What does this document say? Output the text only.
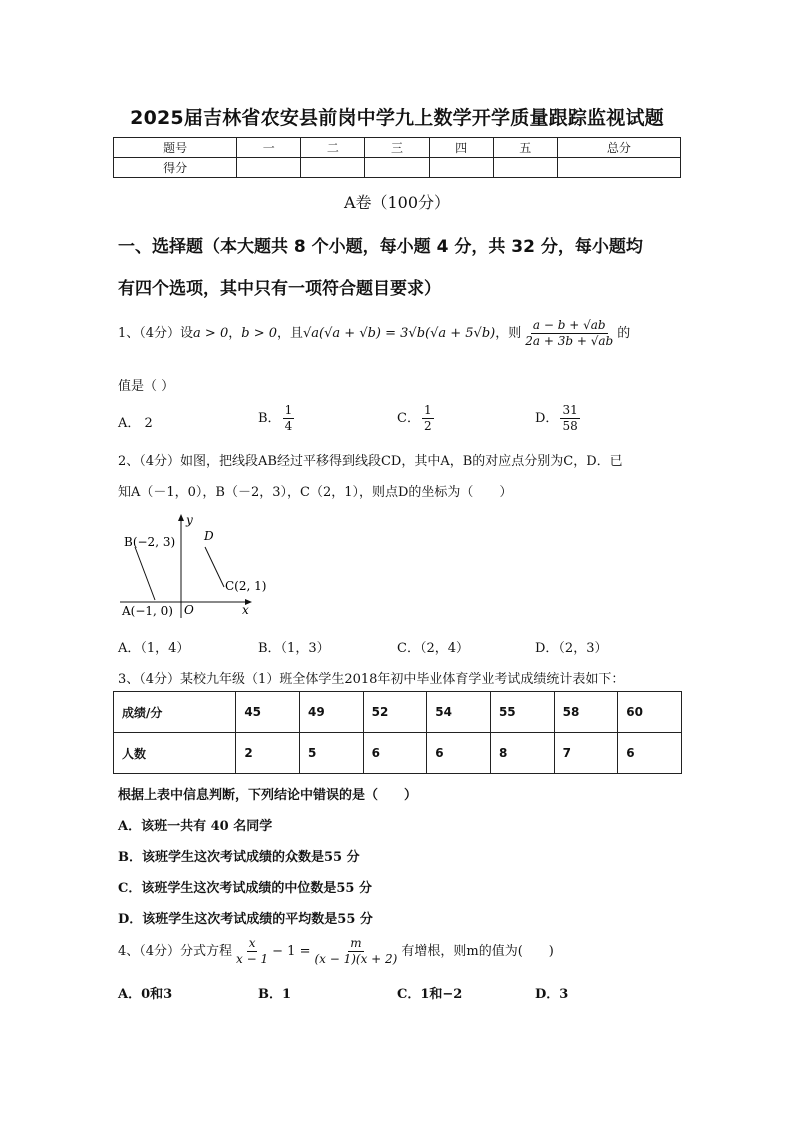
2025届吉林省农安县前岗中学九上数学开学质量跟踪监视试题
题号	一	二	三	四	五	总分
得分						
A卷（100分）
一、选择题（本大题共 8 个小题，每小题 4 分，共 32 分，每小题均
有四个选项，其中只有一项符合题目要求）
1、（4分）设a > 0，b > 0，且√a(√a + √b) = 3√b(√a + 5√b)，则 $\frac{a - b + √ab}{2a + 3b + √ab}$ 的
值是（ ）
A． 2	B． $\frac{1}{4}$	C． $\frac{1}{2}$	D． $\frac{31}{58}$
2、（4分）如图，把线段AB经过平移得到线段CD，其中A，B的对应点分别为C，D．已
知A（－1，0），B（－2，3），C（2，1），则点D的坐标为（　　）
B(−2, 3) D
C(2, 1)
A(−1, 0) O	x
y
A．（1，4）	B．（1，3）	C．（2，4）	D．（2，3）
3、（4分）某校九年级（1）班全体学生2018年初中毕业体育学业考试成绩统计表如下：
成绩/分	45	49	52	54	55	58	60
人数	2	5	6	6	8	7	6
根据上表中信息判断，下列结论中错误的是（　　）
A．该班一共有 40 名同学
B．该班学生这次考试成绩的众数是55 分
C．该班学生这次考试成绩的中位数是55 分
D．该班学生这次考试成绩的平均数是55 分
4、（4分）分式方程 $\frac{x}{x - 1} - 1 = \frac{m}{(x - 1)(x + 2)}$ 有增根，则m的值为(　　)
A．0和3	B．1	C．1和−2	D．3
